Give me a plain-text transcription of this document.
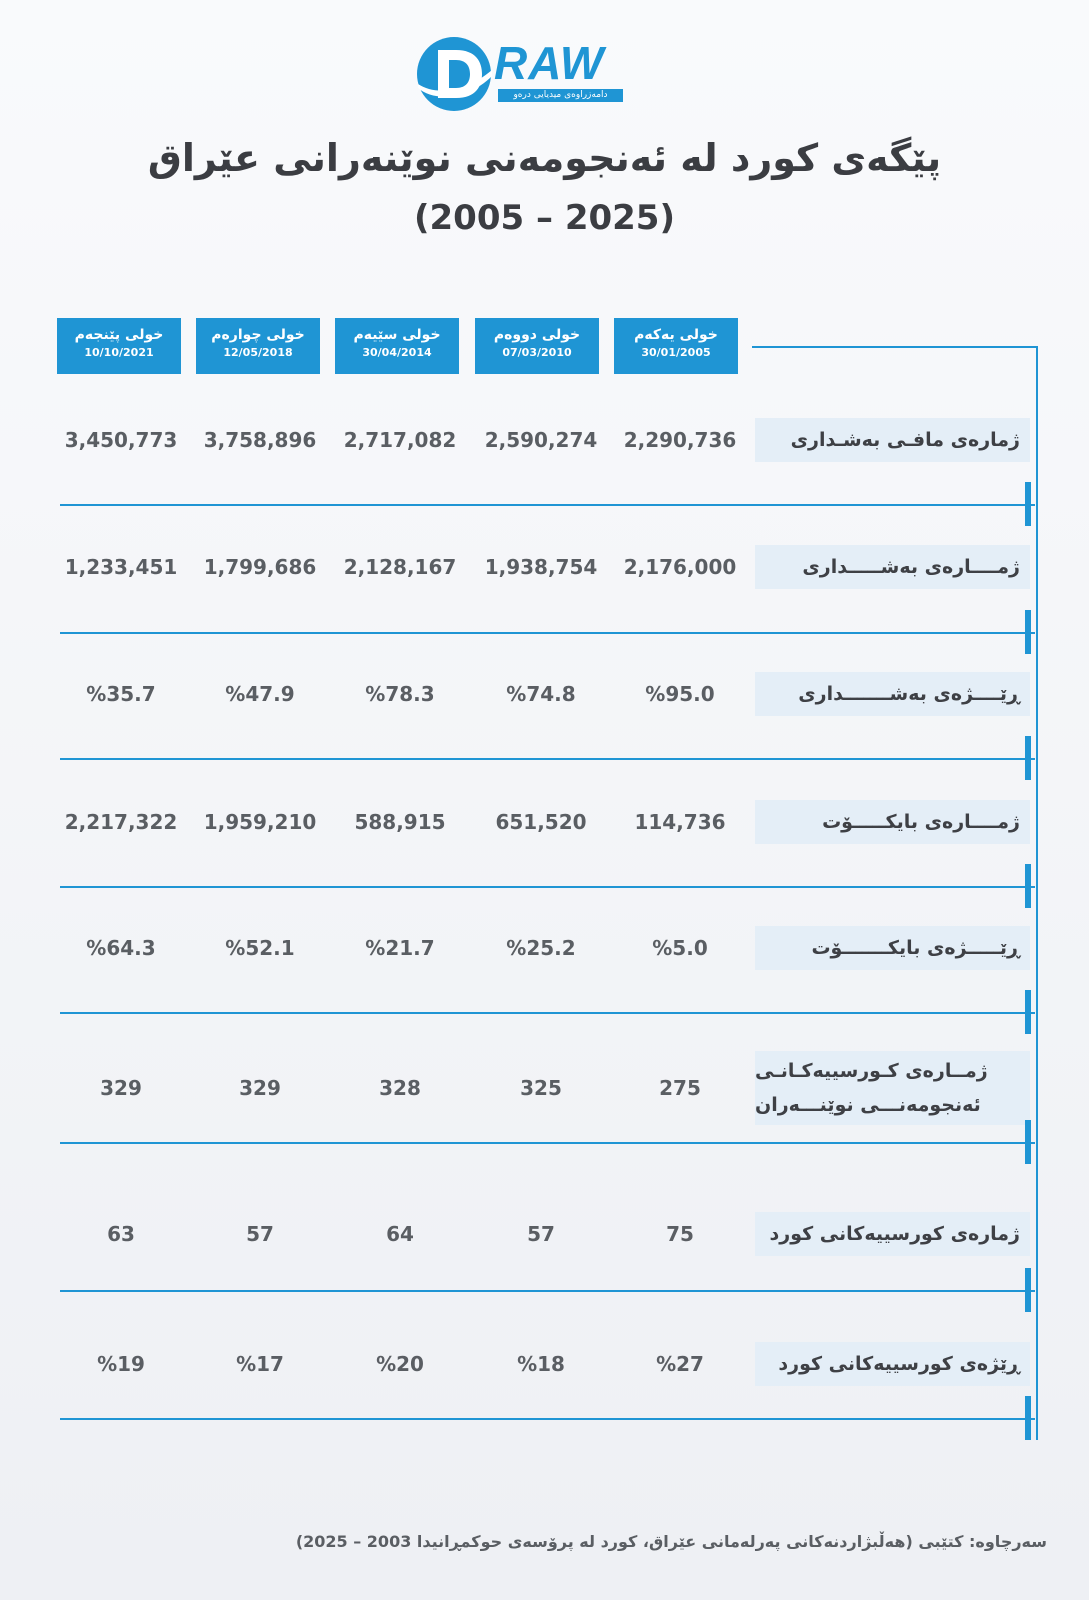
RAW
دامەزراوەی میدیایی درەو
پێگەی کورد لە ئەنجومەنی نوێنەرانی عێراق
(2005 – 2025)
خولی یەکەم
30/01/2005
خولی دووەم
07/03/2010
خولی سێیەم
30/04/2014
خولی چوارەم
12/05/2018
خولی پێنجەم
10/10/2021
ژمارەی مافـی بەشـداری
2,290,736
2,590,274
2,717,082
3,758,896
3,450,773
ژمــــارەی بەشـــــداری
2,176,000
1,938,754
2,128,167
1,799,686
1,233,451
ڕێــــژەی بەشـــــــداری
%95.0
%74.8
%78.3
%47.9
%35.7
ژمــــارەی بایکـــــۆت
114,736
651,520
588,915
1,959,210
2,217,322
ڕێـــــژەی بایکـــــــۆت
%5.0
%25.2
%21.7
%52.1
%64.3
ژمــارەی کـورسییەکـانـی
ئەنجومەنـــی نوێنـــەران
275
325
328
329
329
ژمارەی کورسییەکانی کورد
75
57
64
57
63
ڕێژەی کورسییەکانی کورد
%27
%18
%20
%17
%19
سەرچاوە: کتێبی (هەڵبژاردنەکانی پەرلەمانی عێراق، کورد لە پرۆسەی حوکمڕانیدا 2003 – 2025)
